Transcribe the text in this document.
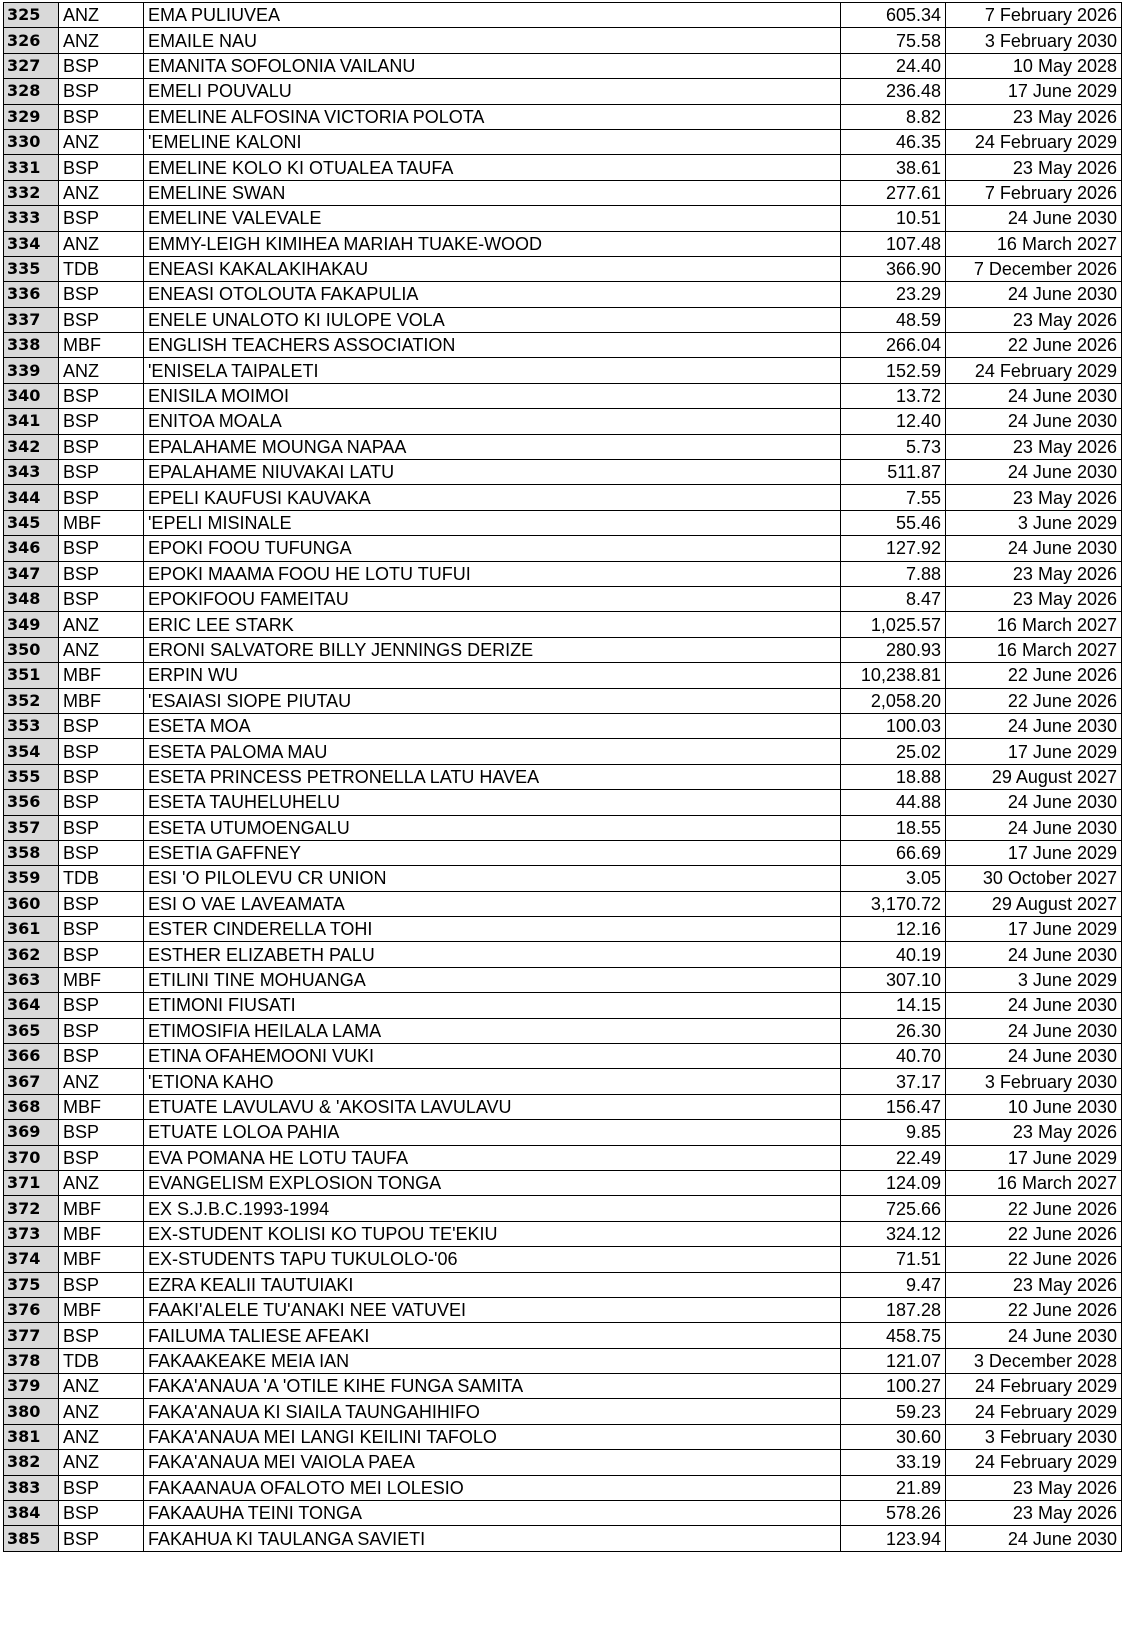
325	ANZ	EMA PULIUVEA	605.34	7 February 2026
326	ANZ	EMAILE NAU	75.58	3 February 2030
327	BSP	EMANITA SOFOLONIA VAILANU	24.40	10 May 2028
328	BSP	EMELI POUVALU	236.48	17 June 2029
329	BSP	EMELINE ALFOSINA VICTORIA POLOTA	8.82	23 May 2026
330	ANZ	'EMELINE KALONI	46.35	24 February 2029
331	BSP	EMELINE KOLO KI OTUALEA TAUFA	38.61	23 May 2026
332	ANZ	EMELINE SWAN	277.61	7 February 2026
333	BSP	EMELINE VALEVALE	10.51	24 June 2030
334	ANZ	EMMY-LEIGH KIMIHEA MARIAH TUAKE-WOOD	107.48	16 March 2027
335	TDB	ENEASI KAKALAKIHAKAU	366.90	7 December 2026
336	BSP	ENEASI OTOLOUTA FAKAPULIA	23.29	24 June 2030
337	BSP	ENELE UNALOTO KI IULOPE VOLA	48.59	23 May 2026
338	MBF	ENGLISH TEACHERS ASSOCIATION	266.04	22 June 2026
339	ANZ	'ENISELA TAIPALETI	152.59	24 February 2029
340	BSP	ENISILA MOIMOI	13.72	24 June 2030
341	BSP	ENITOA MOALA	12.40	24 June 2030
342	BSP	EPALAHAME MOUNGA NAPAA	5.73	23 May 2026
343	BSP	EPALAHAME NIUVAKAI LATU	511.87	24 June 2030
344	BSP	EPELI KAUFUSI KAUVAKA	7.55	23 May 2026
345	MBF	'EPELI MISINALE	55.46	3 June 2029
346	BSP	EPOKI FOOU TUFUNGA	127.92	24 June 2030
347	BSP	EPOKI MAAMA FOOU HE LOTU TUFUI	7.88	23 May 2026
348	BSP	EPOKIFOOU FAMEITAU	8.47	23 May 2026
349	ANZ	ERIC LEE STARK	1,025.57	16 March 2027
350	ANZ	ERONI SALVATORE BILLY JENNINGS DERIZE	280.93	16 March 2027
351	MBF	ERPIN WU	10,238.81	22 June 2026
352	MBF	'ESAIASI SIOPE PIUTAU	2,058.20	22 June 2026
353	BSP	ESETA MOA	100.03	24 June 2030
354	BSP	ESETA PALOMA MAU	25.02	17 June 2029
355	BSP	ESETA PRINCESS PETRONELLA LATU HAVEA	18.88	29 August 2027
356	BSP	ESETA TAUHELUHELU	44.88	24 June 2030
357	BSP	ESETA UTUMOENGALU	18.55	24 June 2030
358	BSP	ESETIA GAFFNEY	66.69	17 June 2029
359	TDB	ESI 'O PILOLEVU CR UNION	3.05	30 October 2027
360	BSP	ESI O VAE LAVEAMATA	3,170.72	29 August 2027
361	BSP	ESTER CINDERELLA TOHI	12.16	17 June 2029
362	BSP	ESTHER ELIZABETH PALU	40.19	24 June 2030
363	MBF	ETILINI TINE MOHUANGA	307.10	3 June 2029
364	BSP	ETIMONI FIUSATI	14.15	24 June 2030
365	BSP	ETIMOSIFIA HEILALA LAMA	26.30	24 June 2030
366	BSP	ETINA OFAHEMOONI VUKI	40.70	24 June 2030
367	ANZ	'ETIONA KAHO	37.17	3 February 2030
368	MBF	ETUATE LAVULAVU & 'AKOSITA LAVULAVU	156.47	10 June 2030
369	BSP	ETUATE LOLOA PAHIA	9.85	23 May 2026
370	BSP	EVA POMANA HE LOTU TAUFA	22.49	17 June 2029
371	ANZ	EVANGELISM EXPLOSION TONGA	124.09	16 March 2027
372	MBF	EX S.J.B.C.1993-1994	725.66	22 June 2026
373	MBF	EX-STUDENT KOLISI KO TUPOU TE'EKIU	324.12	22 June 2026
374	MBF	EX-STUDENTS TAPU TUKULOLO-'06	71.51	22 June 2026
375	BSP	EZRA KEALII TAUTUIAKI	9.47	23 May 2026
376	MBF	FAAKI'ALELE TU'ANAKI NEE VATUVEI	187.28	22 June 2026
377	BSP	FAILUMA TALIESE AFEAKI	458.75	24 June 2030
378	TDB	FAKAAKEAKE MEIA IAN	121.07	3 December 2028
379	ANZ	FAKA'ANAUA 'A 'OTILE KIHE FUNGA SAMITA	100.27	24 February 2029
380	ANZ	FAKA'ANAUA KI SIAILA TAUNGAHIHIFO	59.23	24 February 2029
381	ANZ	FAKA'ANAUA MEI LANGI KEILINI TAFOLO	30.60	3 February 2030
382	ANZ	FAKA'ANAUA MEI VAIOLA PAEA	33.19	24 February 2029
383	BSP	FAKAANAUA OFALOTO MEI LOLESIO	21.89	23 May 2026
384	BSP	FAKAAUHA TEINI TONGA	578.26	23 May 2026
385	BSP	FAKAHUA KI TAULANGA SAVIETI	123.94	24 June 2030
